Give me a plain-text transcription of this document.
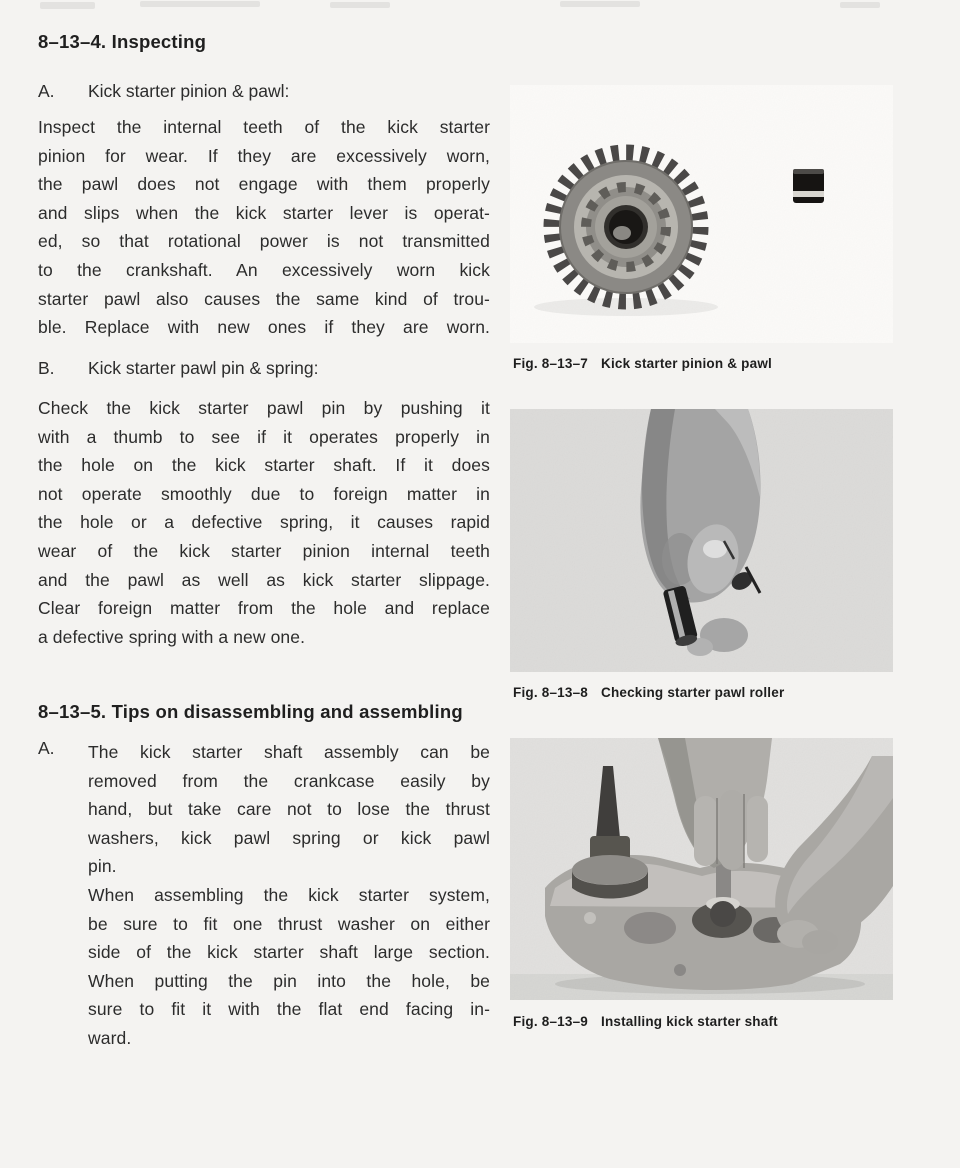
8–13–4. Inspecting
A. Kick starter pinion & pawl:
Inspect the internal teeth of the kick starter
pinion for wear. If they are excessively worn,
the pawl does not engage with them properly
and slips when the kick starter lever is operat-
ed, so that rotational power is not transmitted
to the crankshaft. An excessively worn kick
starter pawl also causes the same kind of trou-
ble. Replace with new ones if they are worn.
B. Kick starter pawl pin & spring:
Check the kick starter pawl pin by pushing it
with a thumb to see if it operates properly in
the hole on the kick starter shaft. If it does
not operate smoothly due to foreign matter in
the hole or a defective spring, it causes rapid
wear of the kick starter pinion internal teeth
and the pawl as well as kick starter slippage.
Clear foreign matter from the hole and replace
a defective spring with a new one.
8–13–5. Tips on disassembling and assembling
A. The kick starter shaft assembly can be
removed from the crankcase easily by
hand, but take care not to lose the thrust
washers, kick pawl spring or kick pawl
pin.
When assembling the kick starter system,
be sure to fit one thrust washer on either
side of the kick starter shaft large section.
When putting the pin into the hole, be
sure to fit it with the flat end facing in-
ward.
Fig. 8–13–7 Kick starter pinion & pawl
Fig. 8–13–8 Checking starter pawl roller
Fig. 8–13–9 Installing kick starter shaft
